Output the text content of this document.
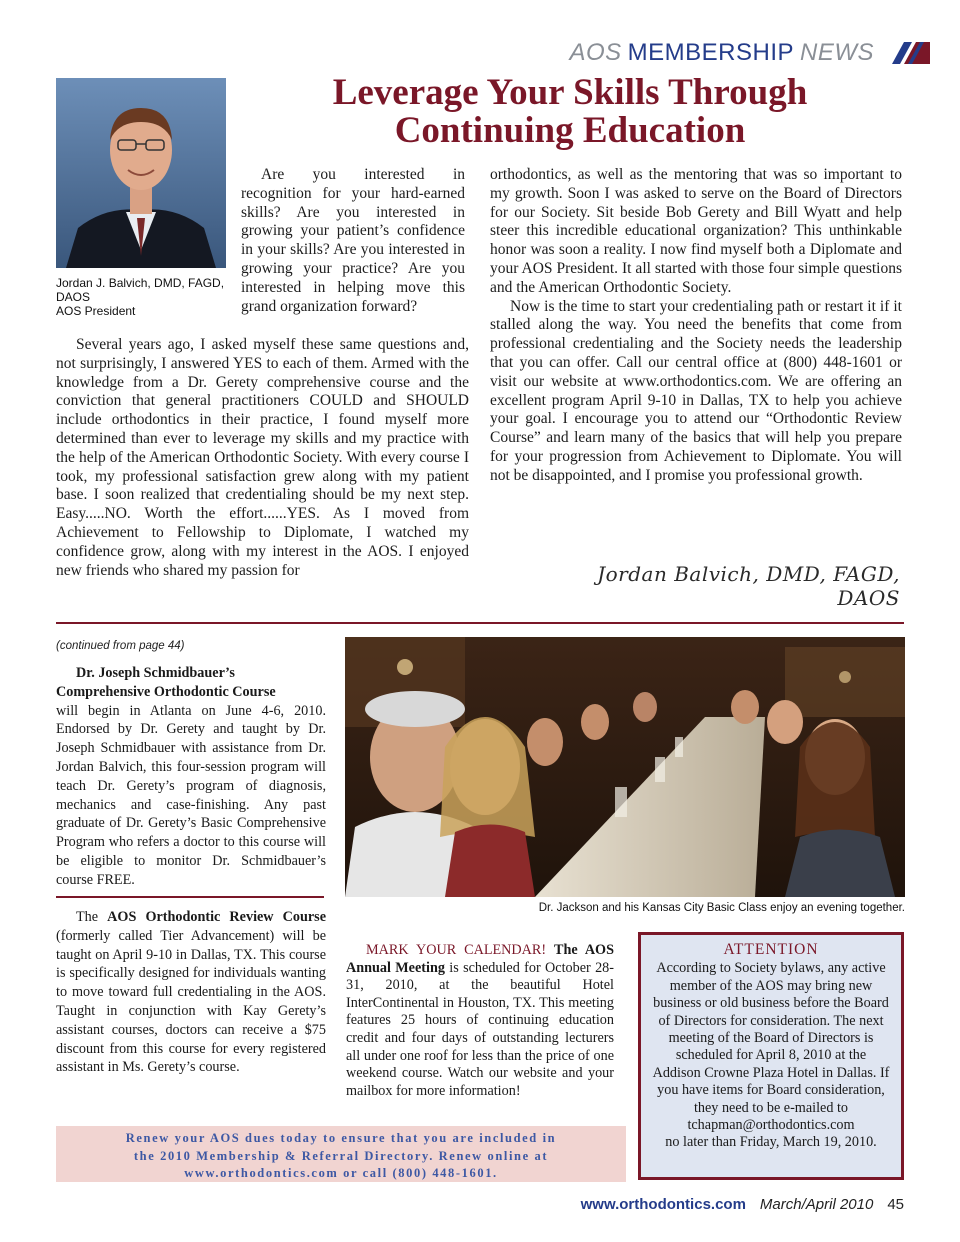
AOS MEMBERSHIP NEWS
Leverage Your Skills Through
Continuing Education
Jordan J. Balvich, DMD, FAGD,
DAOS
AOS President

Are you interested in recognition for your hard-earned skills? Are you interested in growing your patient’s confidence in your skills? Are you interested in growing your practice? Are you interested in helping move this grand organization forward?

Several years ago, I asked myself these same questions and, not surprisingly, I answered YES to each of them. Armed with the knowledge from a Dr. Gerety comprehensive course and the conviction that general practitioners COULD and SHOULD include orthodontics in their practice, I found myself more determined than ever to leverage my skills and my practice with the help of the American Orthodontic Society. With every course I took, my professional satisfaction grew along with my patient base. I soon realized that credentialing should be my next step. Easy.....NO. Worth the effort......YES. As I moved from Achievement to Fellowship to Diplomate, I watched my confidence grow, along with my interest in the AOS. I enjoyed new friends who shared my passion for

orthodontics, as well as the mentoring that was so important to my growth. Soon I was asked to serve on the Board of Directors for our Society. Sit beside Bob Gerety and Bill Wyatt and help steer this incredible educational organization? This unthinkable honor was soon a reality. I now find myself both a Diplomate and your AOS President. It all started with those four simple questions and the American Orthodontic Society.

Now is the time to start your credentialing path or restart it if it stalled along the way. You need the benefits that come from professional credentialing and the Society needs the leadership that you can offer. Call our central office at (800) 448-1601 or visit our website at www.orthodontics.com. We are offering an excellent program April 9-10 in Dallas, TX to help you achieve your goal. I encourage you to attend our “Orthodontic Review Course” and learn many of the basics that will help you prepare for your progression from Achievement to Diplomate. You will not be disappointed, and I promise you professional growth.

Jordan Balvich, DMD, FAGD, DAOS
(continued from page 44)
Dr. Joseph Schmidbauer’s
Comprehensive Orthodontic Course
will begin in Atlanta on June 4-6, 2010. Endorsed by Dr. Gerety and taught by Dr. Joseph Schmidbauer with assistance from Dr. Jordan Balvich, this four-session program will teach Dr. Gerety’s program of diagnosis, mechanics and case-finishing. Any past graduate of Dr. Gerety’s Basic Comprehensive Program who refers a doctor to this course will be eligible to monitor Dr. Schmidbauer’s course FREE.
The AOS Orthodontic Review Course (formerly called Tier Advancement) will be taught on April 9-10 in Dallas, TX. This course is specifically designed for individuals wanting to move toward full credentialing in the AOS. Taught in conjunction with Kay Gerety’s assistant courses, doctors can receive a $75 discount from this course for every registered assistant in Ms. Gerety’s course.
Dr. Jackson and his Kansas City Basic Class enjoy an evening together.
MARK YOUR CALENDAR! The AOS Annual Meeting is scheduled for October 28-31, 2010, at the beautiful Hotel InterContinental in Houston, TX. This meeting features 25 hours of continuing education credit and four days of outstanding lecturers all under one roof for less than the price of one weekend course. Watch our website and your mailbox for more information!
ATTENTION
According to Society bylaws, any active member of the AOS may bring new business or old business before the Board of Directors for consideration. The next meeting of the Board of Directors is scheduled for April 8, 2010 at the Addison Crowne Plaza Hotel in Dallas. If you have items for Board consideration, they need to be e-mailed to
tchapman@orthodontics.com
no later than Friday, March 19, 2010.
Renew your AOS dues today to ensure that you are included in
the 2010 Membership & Referral Directory. Renew online at
www.orthodontics.com or call (800) 448-1601.
www.orthodontics.com March/April 2010 45
